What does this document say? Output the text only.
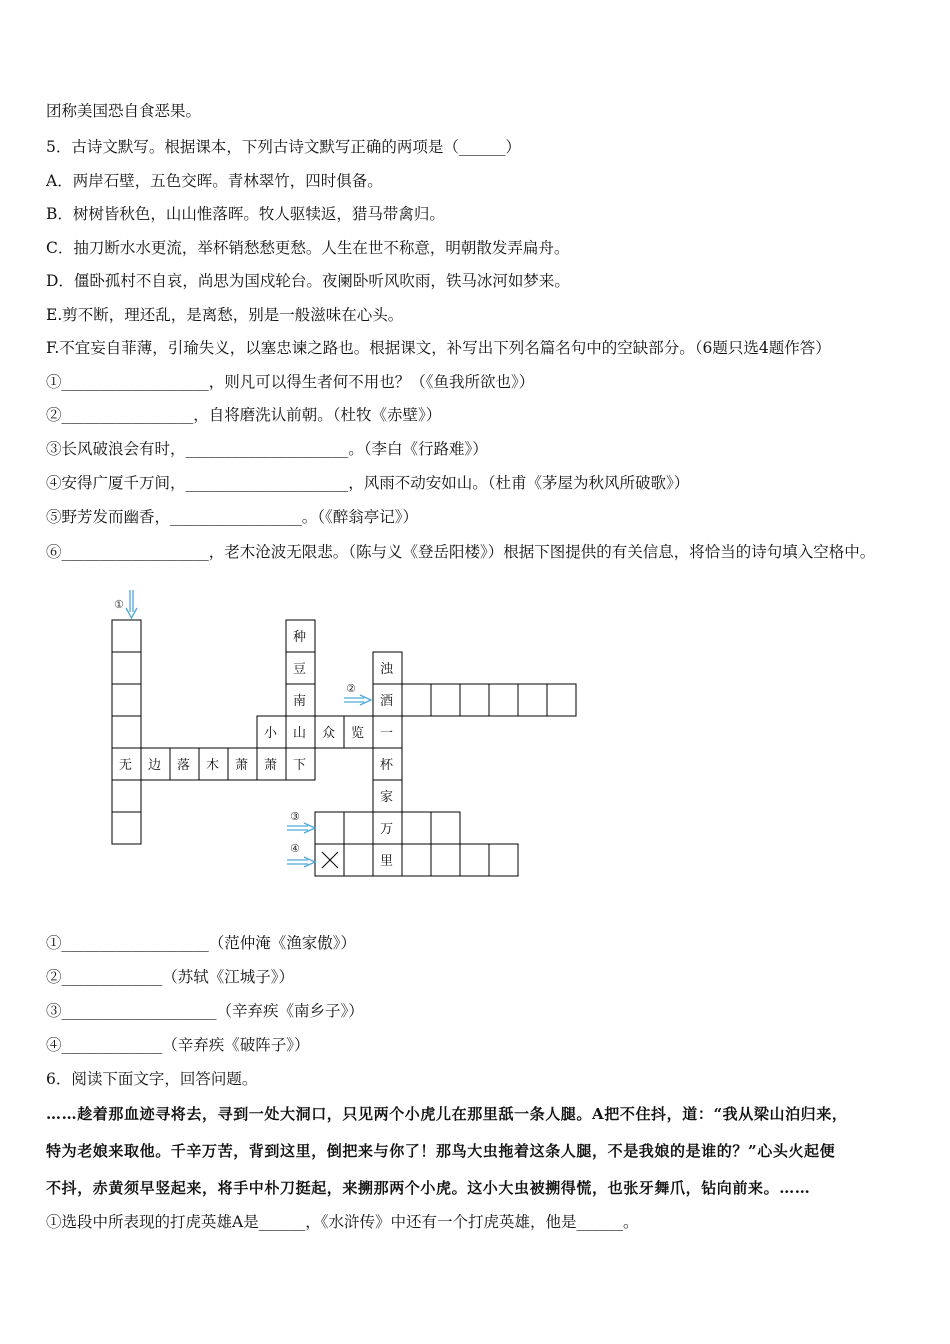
团称美国恐自食恶果。
5．古诗文默写。根据课本，下列古诗文默写正确的两项是（______）
A．两岸石壁，五色交晖。青林翠竹，四时俱备。
B．树树皆秋色，山山惟落晖。牧人驱犊返，猎马带禽归。
C．抽刀断水水更流，举杯销愁愁更愁。人生在世不称意，明朝散发弄扁舟。
D．僵卧孤村不自哀，尚思为国戍轮台。夜阑卧听风吹雨，铁马冰河如梦来。
E.剪不断，理还乱，是离愁，别是一般滋味在心头。
F.不宜妄自菲薄，引瑜失义，以塞忠谏之路也。根据课文，补写出下列名篇名句中的空缺部分。（6题只选4题作答）
①___________________，则凡可以得生者何不用也？（《鱼我所欲也》）
②_________________，自将磨洗认前朝。（杜牧《赤壁》）
③长风破浪会有时，_____________________。（李白《行路难》）
④安得广厦千万间，_____________________，风雨不动安如山。（杜甫《茅屋为秋风所破歌》）
⑤野芳发而幽香，_________________。（《醉翁亭记》）
⑥___________________，老木沧波无限悲。（陈与义《登岳阳楼》）根据下图提供的有关信息，将恰当的诗句填入空格中。
种
豆
南
浊
酒
小 山 众 览 一
无 边 落 木 萧 萧 下	杯
家
万
里
①
②
③
④
①___________________（范仲淹《渔家傲》）
②_____________（苏轼《江城子》）
③____________________（辛弃疾《南乡子》）
④_____________（辛弃疾《破阵子》）
6．阅读下面文字，回答问题。
……趁着那血迹寻将去，寻到一处大洞口，只见两个小虎儿在那里舐一条人腿。A把不住抖，道：“我从梁山泊归来，
特为老娘来取他。千辛万苦，背到这里，倒把来与你了！那鸟大虫拖着这条人腿，不是我娘的是谁的？”心头火起便
不抖，赤黄须早竖起来，将手中朴刀挺起，来搠那两个小虎。这小大虫被搠得慌，也张牙舞爪，钻向前来。……
①选段中所表现的打虎英雄A是______，《水浒传》中还有一个打虎英雄，他是______。
